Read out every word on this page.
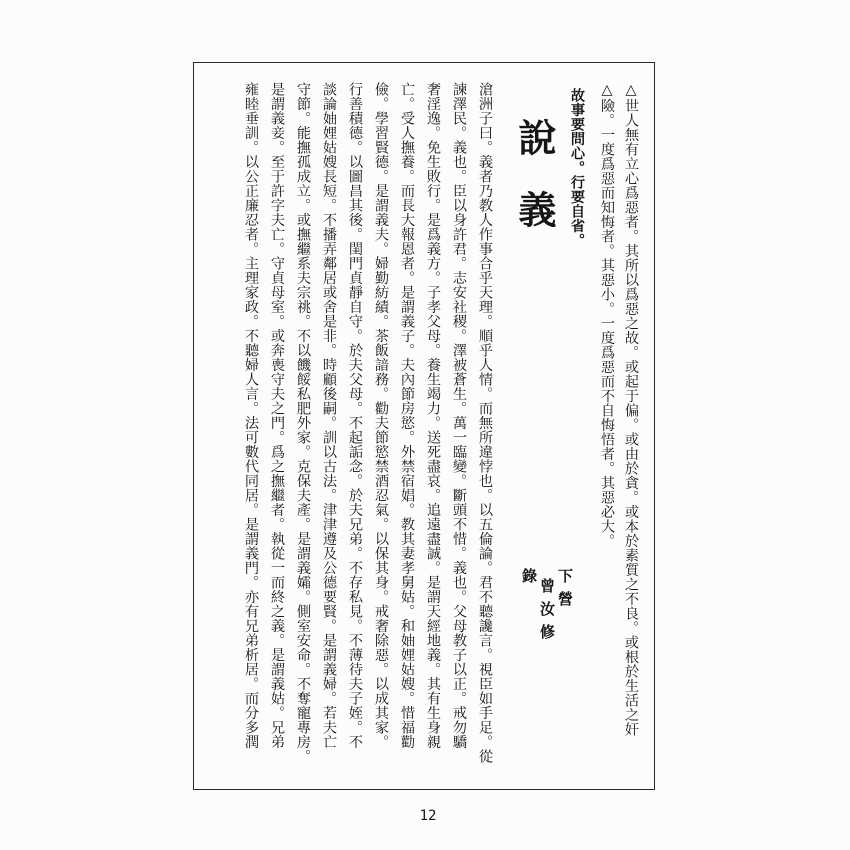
△世人無有立心爲惡者。其所以爲惡之故。或起于偏。或由於貪。或本於素質之不良。或根於生活之奸
△險。一度爲惡而知悔者。其惡小。一度爲惡而不自悔悟者。其惡必大。
故事要問心。行要自省。
說義
下營
曾汝修
錄
滄洲子曰。義者乃教人作事合乎天理。順乎人情。而無所違悖也。以五倫論。君不聽讒言。視臣如手足。從
諫澤民。義也。臣以身許君。志安社稷。澤被蒼生。萬一臨變。斷頭不惜。義也。父母教子以正。戒勿驕
奢淫逸。免生敗行。是爲義方。子孝父母。養生竭力。送死盡哀。追遠盡誠。是謂天經地義。其有生身親
亡。受人撫養。而長大報恩者。是謂義子。夫內節房慾。外禁宿娼。教其妻孝舅姑。和妯娌姑嫂。惜福勸
儉。學習賢德。是謂義夫。婦勤紡績。茶飯諳務。勸夫節慾禁酒忍氣。以保其身。戒奢除惡。以成其家。
行善積德。以圖昌其後。閨門貞靜自守。於夫父母。不起詬念。於夫兄弟。不存私見。不薄待夫子姪。不
談論妯娌姑嫂長短。不播弄鄰居或舍是非。時顧後嗣。訓以古法。津津遵及公德要賢。是謂義婦。若夫亡
守節。能撫孤成立。或撫繼系夫宗祧。不以饑餒私肥外家。克保夫產。是謂義孀。側室安命。不奪寵專房。
是謂義妾。至于許字夫亡。守貞母室。或奔喪守夫之門。爲之撫繼者。執從一而終之義。是謂義姑。兄弟
雍睦垂訓。以公正廉忍者。主理家政。不聽婦人言。法可數代同居。是謂義門。亦有兄弟析居。而分多潤
12
